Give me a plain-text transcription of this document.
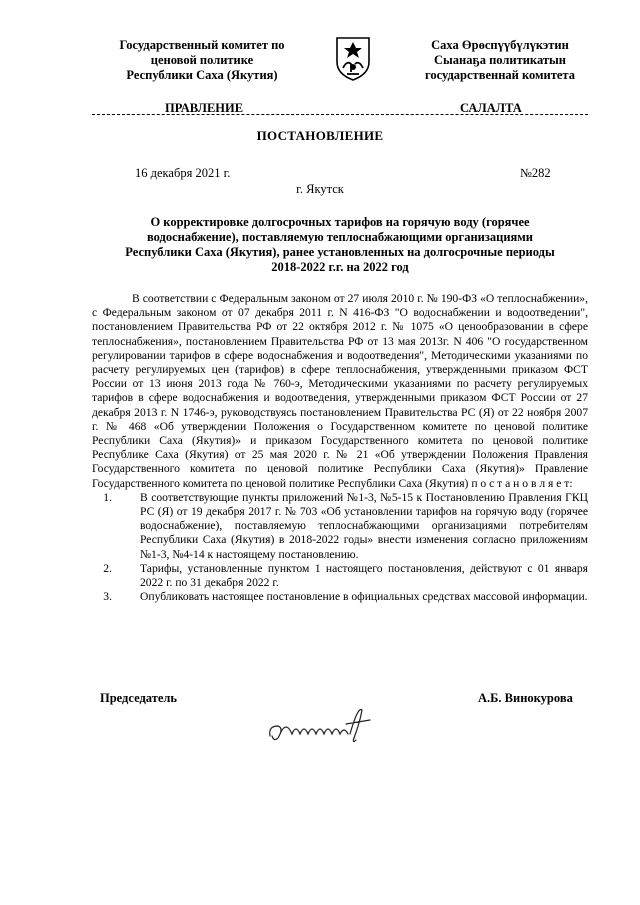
Государственный комитет по
ценовой политике
Республики Саха (Якутия)
Саха Өрөспүүбүлүкэтин
Сыанаҕа политикатын
государственнай комитета
ПРАВЛЕНИЕ	САЛАЛТА
ПОСТАНОВЛЕНИЕ
16 декабря 2021 г.	№282
г. Якутск
О корректировке долгосрочных тарифов на горячую воду (горячее
водоснабжение), поставляемую теплоснабжающими организациями
Республики Саха (Якутия), ранее установленных на долгосрочные периоды
2018-2022 г.г. на 2022 год

В соответствии с Федеральным законом от 27 июля 2010 г. № 190-ФЗ «О теплоснабжении», с Федеральным законом от 07 декабря 2011 г. N 416-ФЗ "О водоснабжении и водоотведении", постановлением Правительства РФ от 22 октября 2012 г. № 1075 «О ценообразовании в сфере теплоснабжения», постановлением Правительства РФ от 13 мая 2013г. N 406 "О государственном регулировании тарифов в сфере водоснабжения и водоотведения", Методическими указаниями по расчету регулируемых цен (тарифов) в сфере теплоснабжения, утвержденными приказом ФСТ России от 13 июня 2013 года № 760-э, Методическими указаниями по расчету регулируемых тарифов в сфере водоснабжения и водоотведения, утвержденными приказом ФСТ России от 27 декабря 2013 г. N 1746-э, руководствуясь постановлением Правительства РС (Я) от 22 ноября 2007 г. № 468 «Об утверждении Положения о Государственном комитете по ценовой политике Республики Саха (Якутия)» и приказом Государственного комитета по ценовой политике Республике Саха (Якутия) от 25 мая 2020 г. № 21 «Об утверждении Положения Правления Государственного комитета по ценовой политике Республики Саха (Якутия)» Правление Государственного комитета по ценовой политике Республики Саха (Якутия) п о с т а н о в л я е т:

1.	В соответствующие пункты приложений №1-3, №5-15 к Постановлению Правления ГКЦ РС (Я) от 19 декабря 2017 г. № 703 «Об установлении тарифов на горячую воду (горячее водоснабжение), поставляемую теплоснабжающими организациями потребителям Республики Саха (Якутия) в 2018-2022 годы» внести изменения согласно приложениям №1-3, №4-14 к настоящему постановлению.
2.	Тарифы, установленные пунктом 1 настоящего постановления, действуют с 01 января 2022 г. по 31 декабря 2022 г.
3.	Опубликовать настоящее постановление в официальных средствах массовой информации.
Председатель	А.Б. Винокурова
